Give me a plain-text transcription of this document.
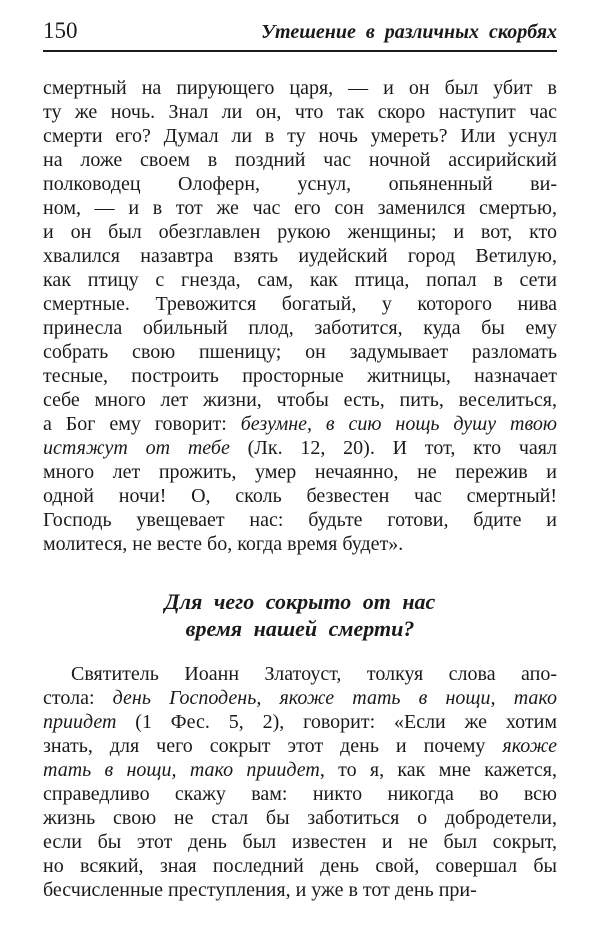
150	Утешение в различных скорбях
смертный на пирующего царя, — и он был убит в
ту же ночь. Знал ли он, что так скоро наступит час
смерти его? Думал ли в ту ночь умереть? Или уснул
на ложе своем в поздний час ночной ассирийский
полководец Олоферн, уснул, опьяненный ви-
ном, — и в тот же час его сон заменился смертью,
и он был обезглавлен рукою женщины; и вот, кто
хвалился назавтра взять иудейский город Ветилую,
как птицу с гнезда, сам, как птица, попал в сети
смертные. Тревожится богатый, у которого нива
принесла обильный плод, заботится, куда бы ему
собрать свою пшеницу; он задумывает разломать
тесные, построить просторные житницы, назначает
себе много лет жизни, чтобы есть, пить, веселиться,
а Бог ему говорит: безумне, в сию нощь душу твою
истяжут от тебе (Лк. 12, 20). И тот, кто чаял
много лет прожить, умер нечаянно, не пережив и
одной ночи! О, сколь безвестен час смертный!
Господь увещевает нас: будьте готови, бдите и
молитеся, не весте бо, когда время будет».
Для чего сокрыто от нас
время нашей смерти?
Святитель Иоанн Златоуст, толкуя слова апо-
стола: день Господень, якоже тать в нощи, тако
приидет (1 Фес. 5, 2), говорит: «Если же хотим
знать, для чего сокрыт этот день и почему якоже
тать в нощи, тако приидет, то я, как мне кажется,
справедливо скажу вам: никто никогда во всю
жизнь свою не стал бы заботиться о добродетели,
если бы этот день был известен и не был сокрыт,
но всякий, зная последний день свой, совершал бы
бесчисленные преступления, и уже в тот день при-
